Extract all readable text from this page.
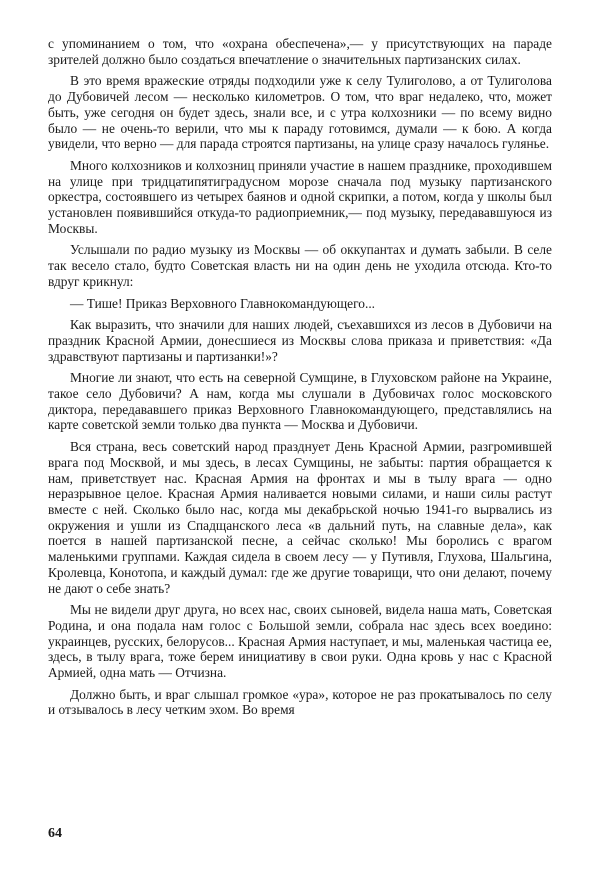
с упоминанием о том, что «охрана обеспечена»,— у присутствующих на параде зрителей должно было создаться впечатление о значительных партизанских силах.

В это время вражеские отряды подходили уже к селу Тулиголово, а от Тулиголова до Дубовичей лесом — несколько километров. О том, что враг недалеко, что, может быть, уже сегодня он будет здесь, знали все, и с утра колхозники — по всему видно было — не очень-то верили, что мы к параду готовимся, думали — к бою. А когда увидели, что верно — для парада строятся партизаны, на улице сразу началось гулянье.

Много колхозников и колхозниц приняли участие в нашем празднике, проходившем на улице при тридцатипятиградусном морозе сначала под музыку партизанского оркестра, состоявшего из четырех баянов и одной скрипки, а потом, когда у школы был установлен появившийся откуда-то радиоприемник,— под музыку, передававшуюся из Москвы.

Услышали по радио музыку из Москвы — об оккупантах и думать забыли. В селе так весело стало, будто Советская власть ни на один день не уходила отсюда. Кто-то вдруг крикнул:

— Тише! Приказ Верховного Главнокомандующего...

Как выразить, что значили для наших людей, съехавшихся из лесов в Дубовичи на праздник Красной Армии, донесшиеся из Москвы слова приказа и приветствия: «Да здравствуют партизаны и партизанки!»?

Многие ли знают, что есть на северной Сумщине, в Глуховском районе на Украине, такое село Дубовичи? А нам, когда мы слушали в Дубовичах голос московского диктора, передававшего приказ Верховного Главнокомандующего, представлялись на карте советской земли только два пункта — Москва и Дубовичи.

Вся страна, весь советский народ празднует День Красной Армии, разгромившей врага под Москвой, и мы здесь, в лесах Сумщины, не забыты: партия обращается к нам, приветствует нас. Красная Армия на фронтах и мы в тылу врага — одно неразрывное целое. Красная Армия наливается новыми силами, и наши силы растут вместе с ней. Сколько было нас, когда мы декабрьской ночью 1941-го вырвались из окружения и ушли из Спадщанского леса «в дальний путь, на славные дела», как поется в нашей партизанской песне, а сейчас сколько! Мы боролись с врагом маленькими группами. Каждая сидела в своем лесу — у Путивля, Глухова, Шальгина, Кролевца, Конотопа, и каждый думал: где же другие товарищи, что они делают, почему не дают о себе знать?

Мы не видели друг друга, но всех нас, своих сыновей, видела наша мать, Советская Родина, и она подала нам голос с Большой земли, собрала нас здесь всех воедино: украинцев, русских, белорусов... Красная Армия наступает, и мы, маленькая частица ее, здесь, в тылу врага, тоже берем инициативу в свои руки. Одна кровь у нас с Красной Армией, одна мать — Отчизна.

Должно быть, и враг слышал громкое «ура», которое не раз прокатывалось по селу и отзывалось в лесу четким эхом. Во время

64
